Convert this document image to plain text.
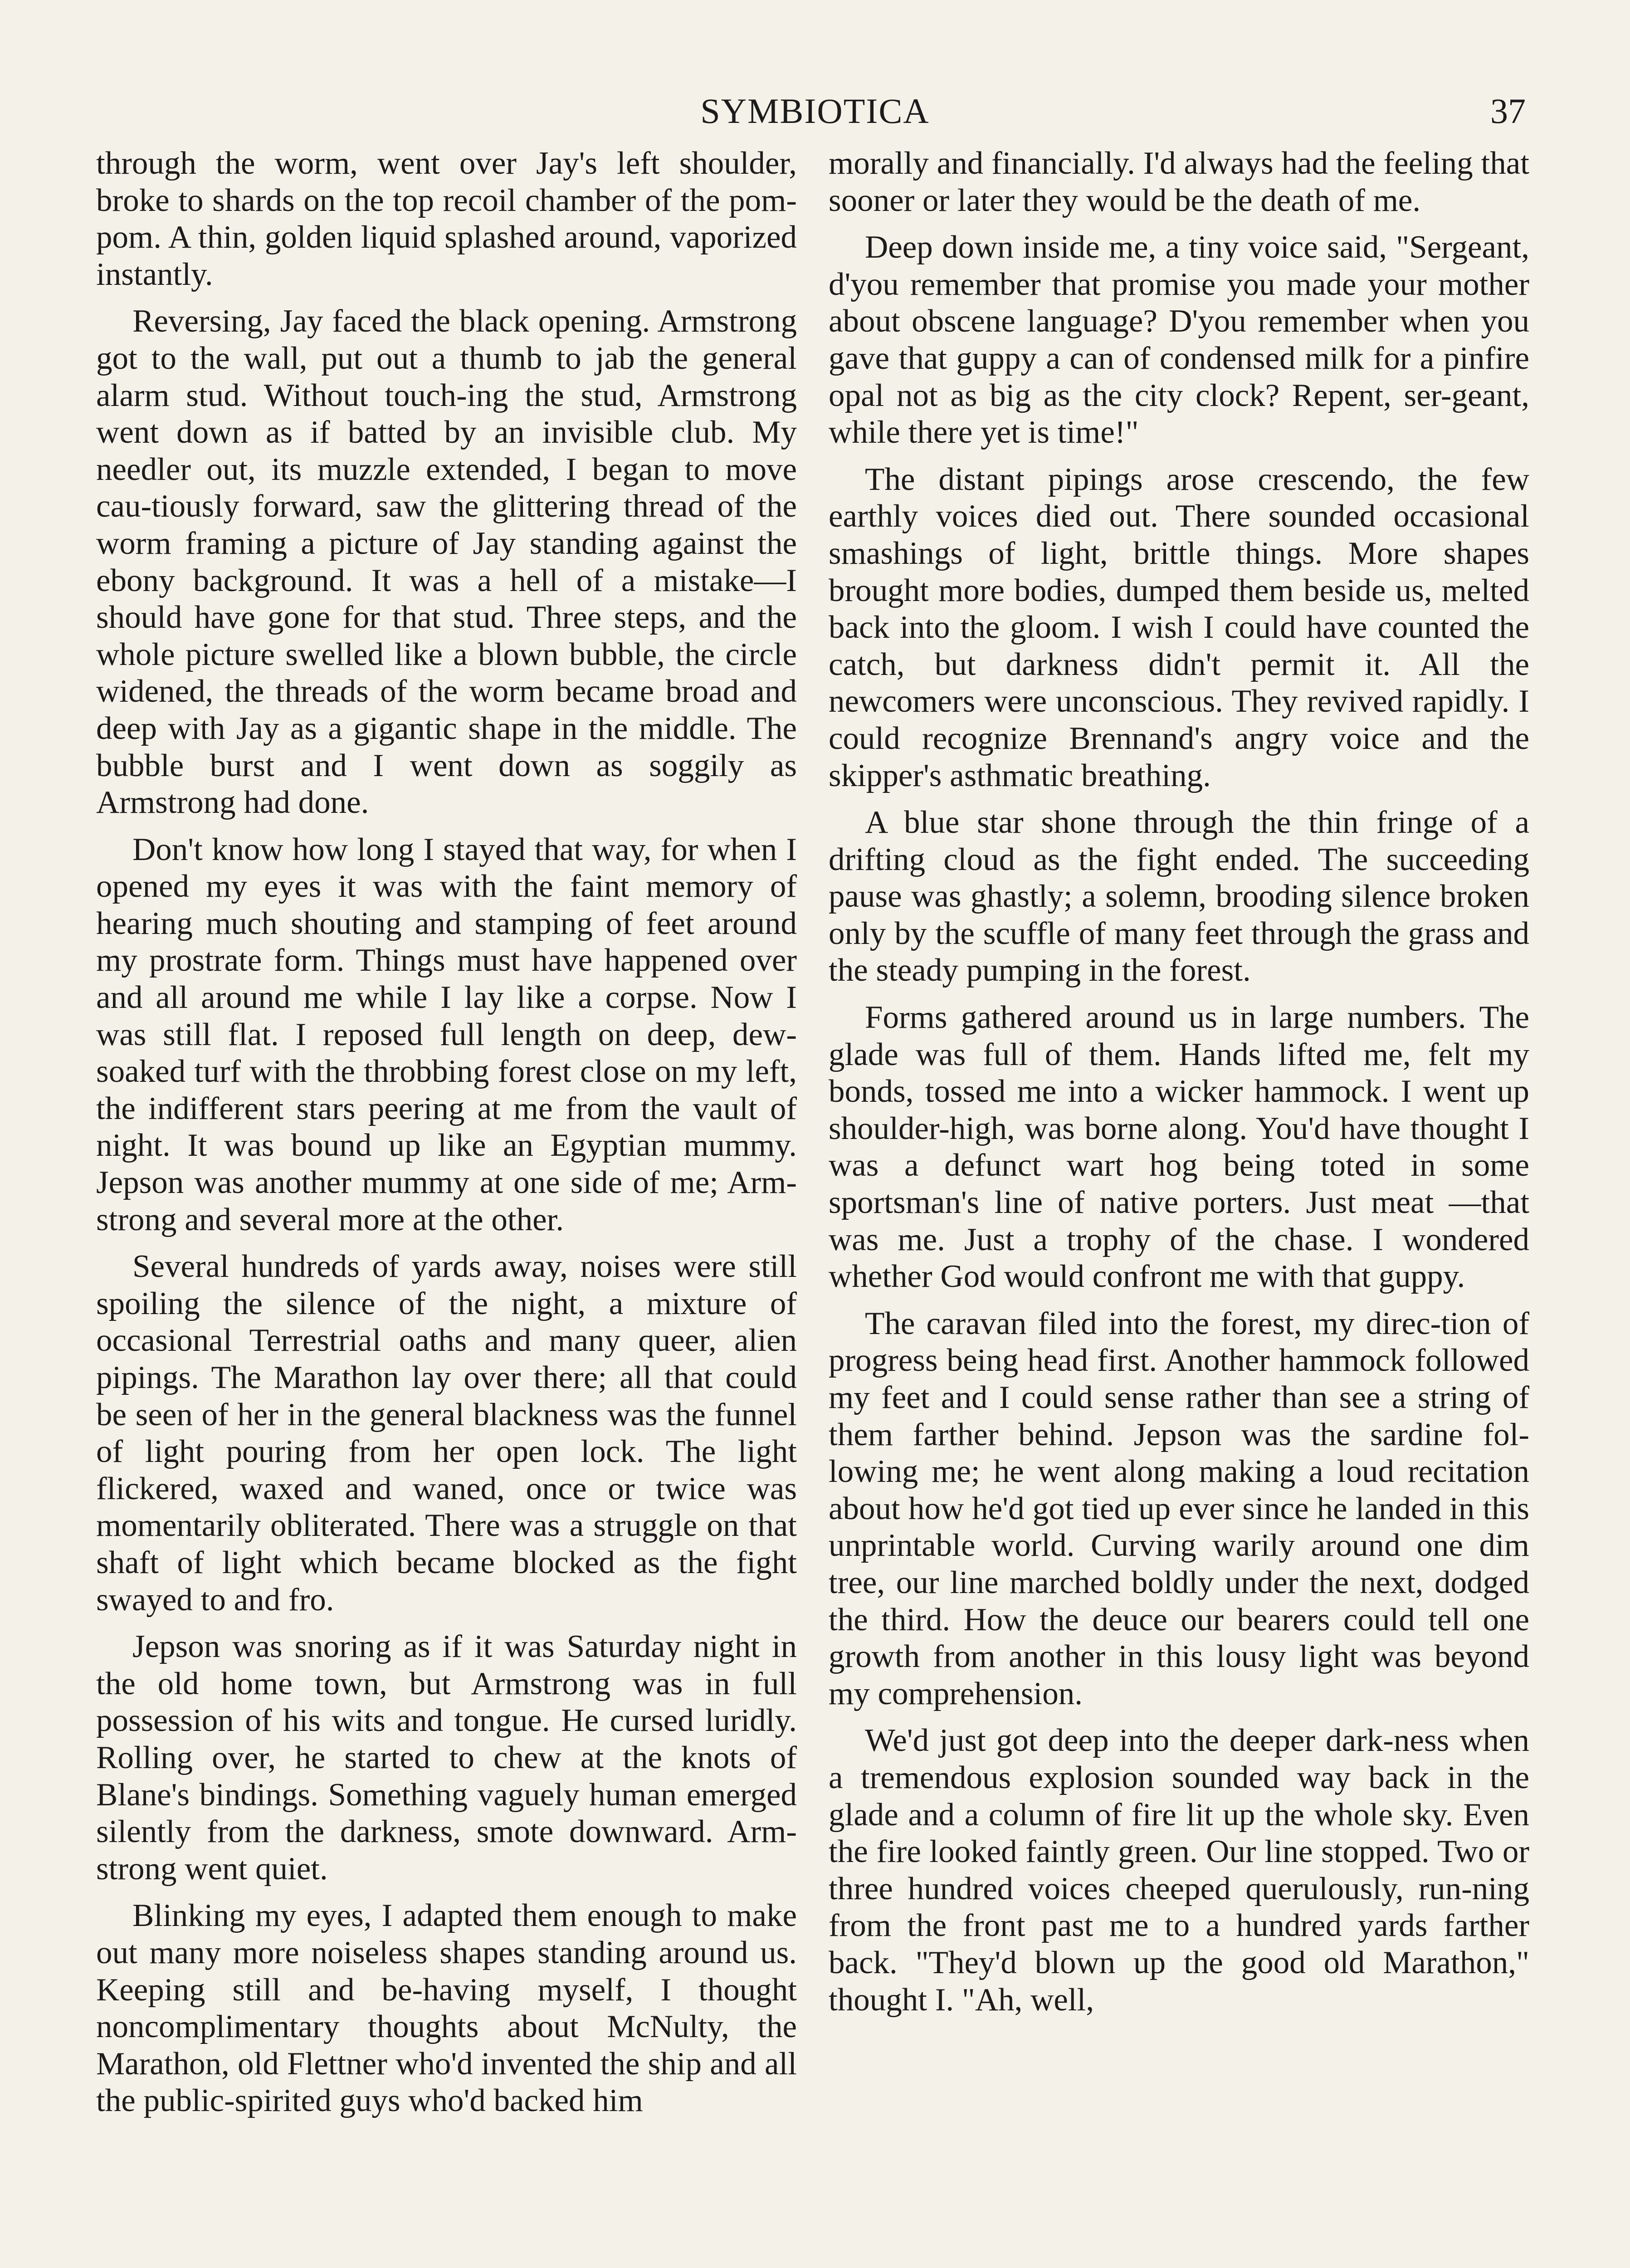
SYMBIOTICA	37

through the worm, went over Jay's left shoulder, broke to shards on the top recoil chamber of the pom-pom. A thin, golden liquid splashed around, vaporized instantly.

Reversing, Jay faced the black opening. Armstrong got to the wall, put out a thumb to jab the general alarm stud. Without touch-ing the stud, Armstrong went down as if batted by an invisible club. My needler out, its muzzle extended, I began to move cau-tiously forward, saw the glittering thread of the worm framing a picture of Jay standing against the ebony background. It was a hell of a mistake—I should have gone for that stud. Three steps, and the whole picture swelled like a blown bubble, the circle widened, the threads of the worm became broad and deep with Jay as a gigantic shape in the middle. The bubble burst and I went down as soggily as Armstrong had done.

Don't know how long I stayed that way, for when I opened my eyes it was with the faint memory of hearing much shouting and stamping of feet around my prostrate form. Things must have happened over and all around me while I lay like a corpse. Now I was still flat. I reposed full length on deep, dew-soaked turf with the throbbing forest close on my left, the indifferent stars peering at me from the vault of night. It was bound up like an Egyptian mummy. Jepson was another mummy at one side of me; Arm-strong and several more at the other.

Several hundreds of yards away, noises were still spoiling the silence of the night, a mixture of occasional Terrestrial oaths and many queer, alien pipings. The Marathon lay over there; all that could be seen of her in the general blackness was the funnel of light pouring from her open lock. The light flickered, waxed and waned, once or twice was momentarily obliterated. There was a struggle on that shaft of light which became blocked as the fight swayed to and fro.

Jepson was snoring as if it was Saturday night in the old home town, but Armstrong was in full possession of his wits and tongue. He cursed luridly. Rolling over, he started to chew at the knots of Blane's bindings. Something vaguely human emerged silently from the darkness, smote downward. Arm-strong went quiet.

Blinking my eyes, I adapted them enough to make out many more noiseless shapes standing around us. Keeping still and be-having myself, I thought noncomplimentary thoughts about McNulty, the Marathon, old Flettner who'd invented the ship and all the public-spirited guys who'd backed him

morally and financially. I'd always had the feeling that sooner or later they would be the death of me.

Deep down inside me, a tiny voice said, "Sergeant, d'you remember that promise you made your mother about obscene language? D'you remember when you gave that guppy a can of condensed milk for a pinfire opal not as big as the city clock? Repent, ser-geant, while there yet is time!"

The distant pipings arose crescendo, the few earthly voices died out. There sounded occasional smashings of light, brittle things. More shapes brought more bodies, dumped them beside us, melted back into the gloom. I wish I could have counted the catch, but darkness didn't permit it. All the newcomers were unconscious. They revived rapidly. I could recognize Brennand's angry voice and the skipper's asthmatic breathing.

A blue star shone through the thin fringe of a drifting cloud as the fight ended. The succeeding pause was ghastly; a solemn, brooding silence broken only by the scuffle of many feet through the grass and the steady pumping in the forest.

Forms gathered around us in large numbers. The glade was full of them. Hands lifted me, felt my bonds, tossed me into a wicker hammock. I went up shoulder-high, was borne along. You'd have thought I was a defunct wart hog being toted in some sportsman's line of native porters. Just meat —that was me. Just a trophy of the chase. I wondered whether God would confront me with that guppy.

The caravan filed into the forest, my direc-tion of progress being head first. Another hammock followed my feet and I could sense rather than see a string of them farther behind. Jepson was the sardine fol-lowing me; he went along making a loud recitation about how he'd got tied up ever since he landed in this unprintable world. Curving warily around one dim tree, our line marched boldly under the next, dodged the third. How the deuce our bearers could tell one growth from another in this lousy light was beyond my comprehension.

We'd just got deep into the deeper dark-ness when a tremendous explosion sounded way back in the glade and a column of fire lit up the whole sky. Even the fire looked faintly green. Our line stopped. Two or three hundred voices cheeped querulously, run-ning from the front past me to a hundred yards farther back. "They'd blown up the good old Marathon," thought I. "Ah, well,
